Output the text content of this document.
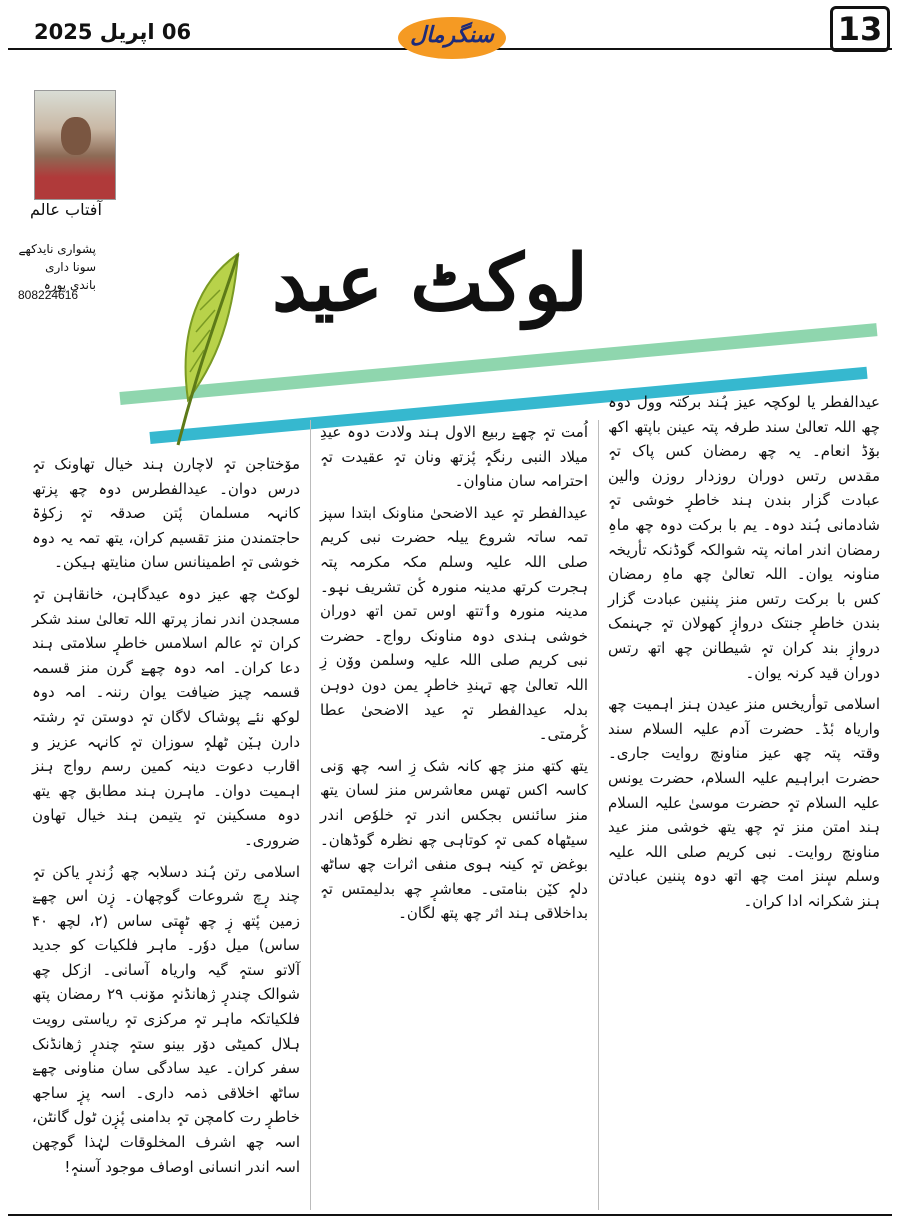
06 اپریل 2025	سنگرمال	13
آفتاب عالم
پشواری نایدکھے سونا داری باندی پورہ
808224616	لوکٹ عید

عیدالفطر یا لوکچہ عیز ہُند برکتہ وول دوہ چھ اللہ تعالیٰ سند طرفہ پتہ عینن باپتھ اکھ بوٚڈ انعام۔ یہ چھ رمضان کس پاک تہٕ مقدس رتس دوران روزدار روزن والین عبادت گزار بندن ہند خاطرٕ خوشی تہٕ شادمانی ہُند دوہ۔ یم با برکت دوہ چھ ماہِ رمضان اندر امانہ پتہ شوالکہ گوڈنکہ تأریخہ مناونہ یوان۔ اللہ تعالیٰ چھ ماہِ رمضان کس با برکت رتس منز پننین عبادت گزار بندن خاطرٕ جنتک دروازٕ کھولان تہٕ جہنمک دروازٕ بند کران تہٕ شیطانن چھ اتھ رتس دوران قید کرنہ یوان۔

اسلامی توأریخس منز عیدن ہنز اہمیت چھ واریاہ بٔڈ۔ حضرت آدم علیہ السلام سند وقتہ پتہ چھ عیز مناونچ روایت جاری۔ حضرت ابراہیم علیہ السلام، حضرت یونس علیہ السلام تہٕ حضرت موسیٰ علیہ السلام ہند امتن منز تہٕ چھ یتھ خوشی منز عید مناونچ روایت۔ نبی کریم صلی اللہ علیہ وسلم سٕنز امت چھ اتھ دوہ پننین عبادتن ہنز شکرانہ ادا کران۔

اُمت تہٕ چھےٚ ربیع الاول ہند ولادت دوہ عیدِ میلاد النبی رنگہٕ پٔزتھ ونان تہٕ عقیدت تہٕ احترامہ سان مناوان۔

عیدالفطر تہٕ عید الاضحیٰ مناونک ابتدا سپز تمہ ساتہ شروع ییلہ حضرت نبی کریم صلی اللہ علیہ وسلم مکہ مکرمہ پتہ ہجرت کرتھ مدینہ منورہ کٔن تشریف نیٖو۔ مدینہ منورہ وٲتتھ اوس تمن اتھ دوران خوشی ہندی دوہ مناونک رواج۔ حضرت نبی کریم صلی اللہ علیہ وسلمن ووٚن زِ اللہ تعالیٰ چھ تہندِ خاطرٕ یمن دون دوہن بدلہ عیدالفطر تہٕ عید الاضحیٰ عطا کٔرمتی۔

یتھ کتھ منز چھ کانہ شک زِ اسہ چھ وَنی کاسہ اکس تھس معاشرس منز لسان یتھ منز سائنس بجکس اندر تہٕ خلوٗص اندر سیٹھاہ کمی تہٕ کوتاہی چھ نظرہ گوڈھان۔ بوغض تہٕ کینہ ہوی منفی اثرات چھ ساٹھ دلہٕ کیٚن بنامتی۔ معاشرٕ چھ بدلیمتس تہٕ بداخلاقی ہند اثر چھ پتھ لگان۔

موٚختاجن تہٕ لاچارن ہند خیال تھاونک تہٕ درس دوان۔ عیدالفطرس دوہ چھ پزتھ کانہہ مسلمان پٔتن صدقہ تہٕ زکوٰۃ حاجتمندن منز تقسیم کران، یتھ تمہ یہ دوہ خوشی تہٕ اطمینانس سان منایتھ ہیکن۔

لوکٹ چھ عیز دوہ عیدگاہن، خانقاہن تہٕ مسجدن اندر نماز پرتھ اللہ تعالیٰ سند شکر کران تہٕ عالم اسلامس خاطرٕ سلامتی ہند دعا کران۔ امہ دوہ چھےٚ گرن منز قسمہ قسمہ چیز ضیافت یوان رننہ۔ امہ دوہ لوکھ نئے پوشاک لاگان تہٕ دوستن تہٕ رشتہ دارن ہیٚن ٹھلہٕ سوزان تہٕ کانہہ عزیز و اقارب دعوت دینہ کمین رسم رواج ہنز اہمیت دوان۔ ماہرن ہند مطابق چھ یتھ دوہ مسکینن تہٕ یتیمن ہند خیال تھاون ضروری۔

اسلامی رتن ہُند دسلابہ چھ زُندرٕ یاکن تہٕ چند رٕچ شروعات گوچھان۔ زٕن اس چھےٚ زمین پٔتھ زٕ چھ ٹھٕتی ساس (۲، لچھ ۴۰ ساس) میل دوٗر۔ ماہر فلکیات کو جدید آلاتو ستہٕ گیہ واریاہ آسانی۔ ازکل چھ شوالک چندرٕ ژھانڈنہٕ موٚنب ۲۹ رمضان پتھ فلکیاتکہ ماہر تہٕ مرکزی تہٕ ریاستی رویت ہلال کمیٹی دوٚر بینو ستہٕ چندرٕ ژھانڈنک سفر کران۔ عید سادگی سان مناونی چھےٚ ساٹھ اخلاقی ذمہ داری۔ اسہ پزٕ ساجھ خاطرٕ رت کامچن تہٕ بدامنی پٔزٕن ٹول گانٹن، اسہ چھ اشرف المخلوقات لہٰذا گوچھن اسہ اندر انسانی اوصاف موجود آسنہٕ!
